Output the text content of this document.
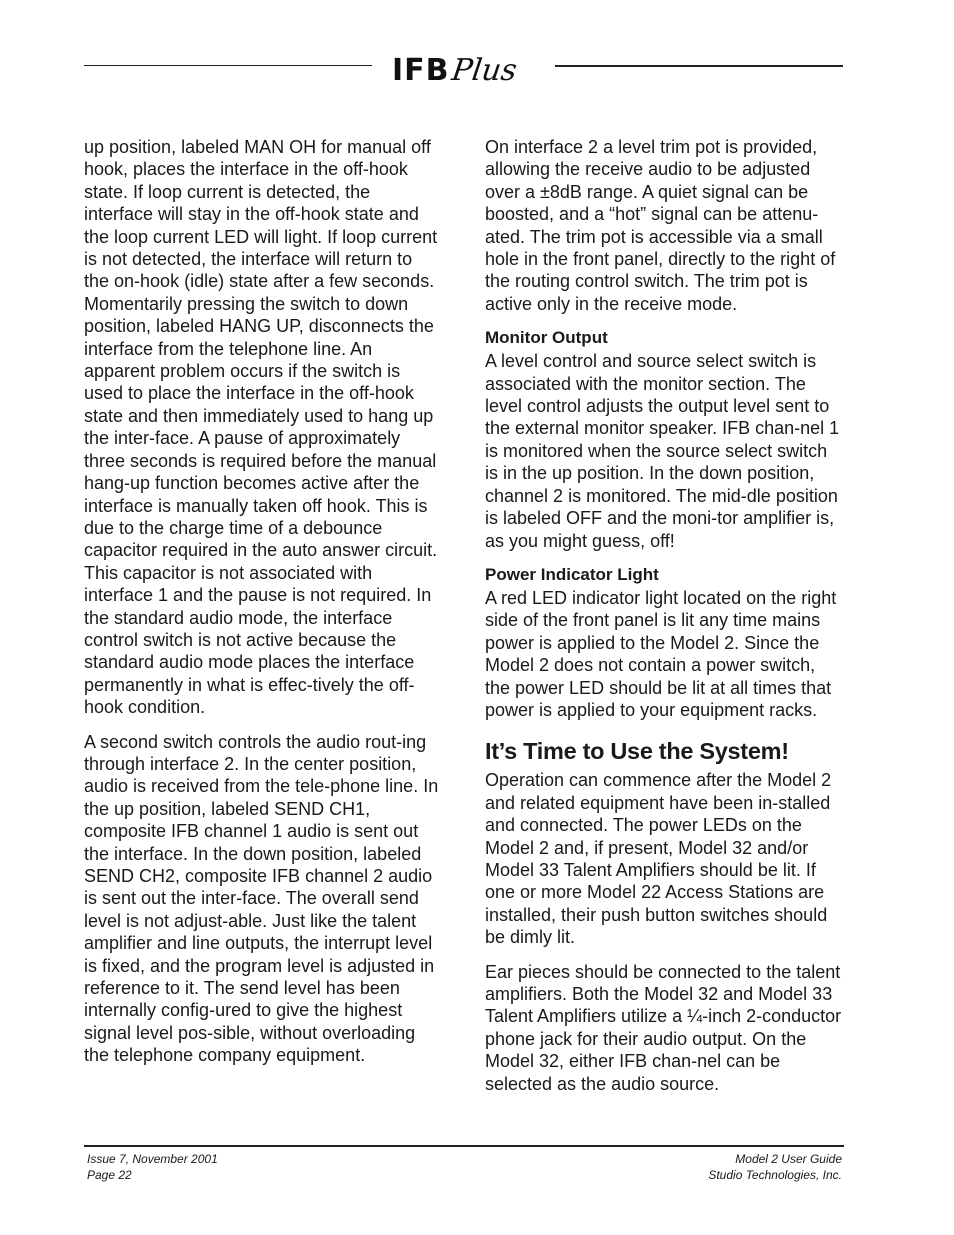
IFB Plus

up position, labeled MAN OH for manual off hook, places the interface in the off-hook state. If loop current is detected, the interface will stay in the off-hook state and the loop current LED will light. If loop current is not detected, the interface will return to the on-hook (idle) state after a few seconds. Momentarily pressing the switch to down position, labeled HANG UP, disconnects the interface from the telephone line. An apparent problem occurs if the switch is used to place the interface in the off-hook state and then immediately used to hang up the inter-face. A pause of approximately three seconds is required before the manual hang-up function becomes active after the interface is manually taken off hook. This is due to the charge time of a debounce capacitor required in the auto answer circuit. This capacitor is not associated with interface 1 and the pause is not required. In the standard audio mode, the interface control switch is not active because the standard audio mode places the interface permanently in what is effec-tively the off-hook condition.

A second switch controls the audio rout-ing through interface 2. In the center position, audio is received from the tele-phone line. In the up position, labeled SEND CH1, composite IFB channel 1 audio is sent out the interface. In the down position, labeled SEND CH2, composite IFB channel 2 audio is sent out the inter-face. The overall send level is not adjust-able. Just like the talent amplifier and line outputs, the interrupt level is fixed, and the program level is adjusted in reference to it. The send level has been internally config-ured to give the highest signal level pos-sible, without overloading the telephone company equipment.

On interface 2 a level trim pot is provided, allowing the receive audio to be adjusted over a ±8dB range. A quiet signal can be boosted, and a “hot” signal can be attenu-ated. The trim pot is accessible via a small hole in the front panel, directly to the right of the routing control switch. The trim pot is active only in the receive mode.

Monitor Output

A level control and source select switch is associated with the monitor section. The level control adjusts the output level sent to the external monitor speaker. IFB chan-nel 1 is monitored when the source select switch is in the up position. In the down position, channel 2 is monitored. The mid-dle position is labeled OFF and the moni-tor amplifier is, as you might guess, off!

Power Indicator Light

A red LED indicator light located on the right side of the front panel is lit any time mains power is applied to the Model 2. Since the Model 2 does not contain a power switch, the power LED should be lit at all times that power is applied to your equipment racks.

It’s Time to Use the System!

Operation can commence after the Model 2 and related equipment have been in-stalled and connected. The power LEDs on the Model 2 and, if present, Model 32 and/or Model 33 Talent Amplifiers should be lit. If one or more Model 22 Access Stations are installed, their push button switches should be dimly lit.

Ear pieces should be connected to the talent amplifiers. Both the Model 32 and Model 33 Talent Amplifiers utilize a ¼-inch 2-conductor phone jack for their audio output. On the Model 32, either IFB chan-nel can be selected as the audio source.

Issue 7, November 2001
Page 22
Model 2 User Guide
Studio Technologies, Inc.
